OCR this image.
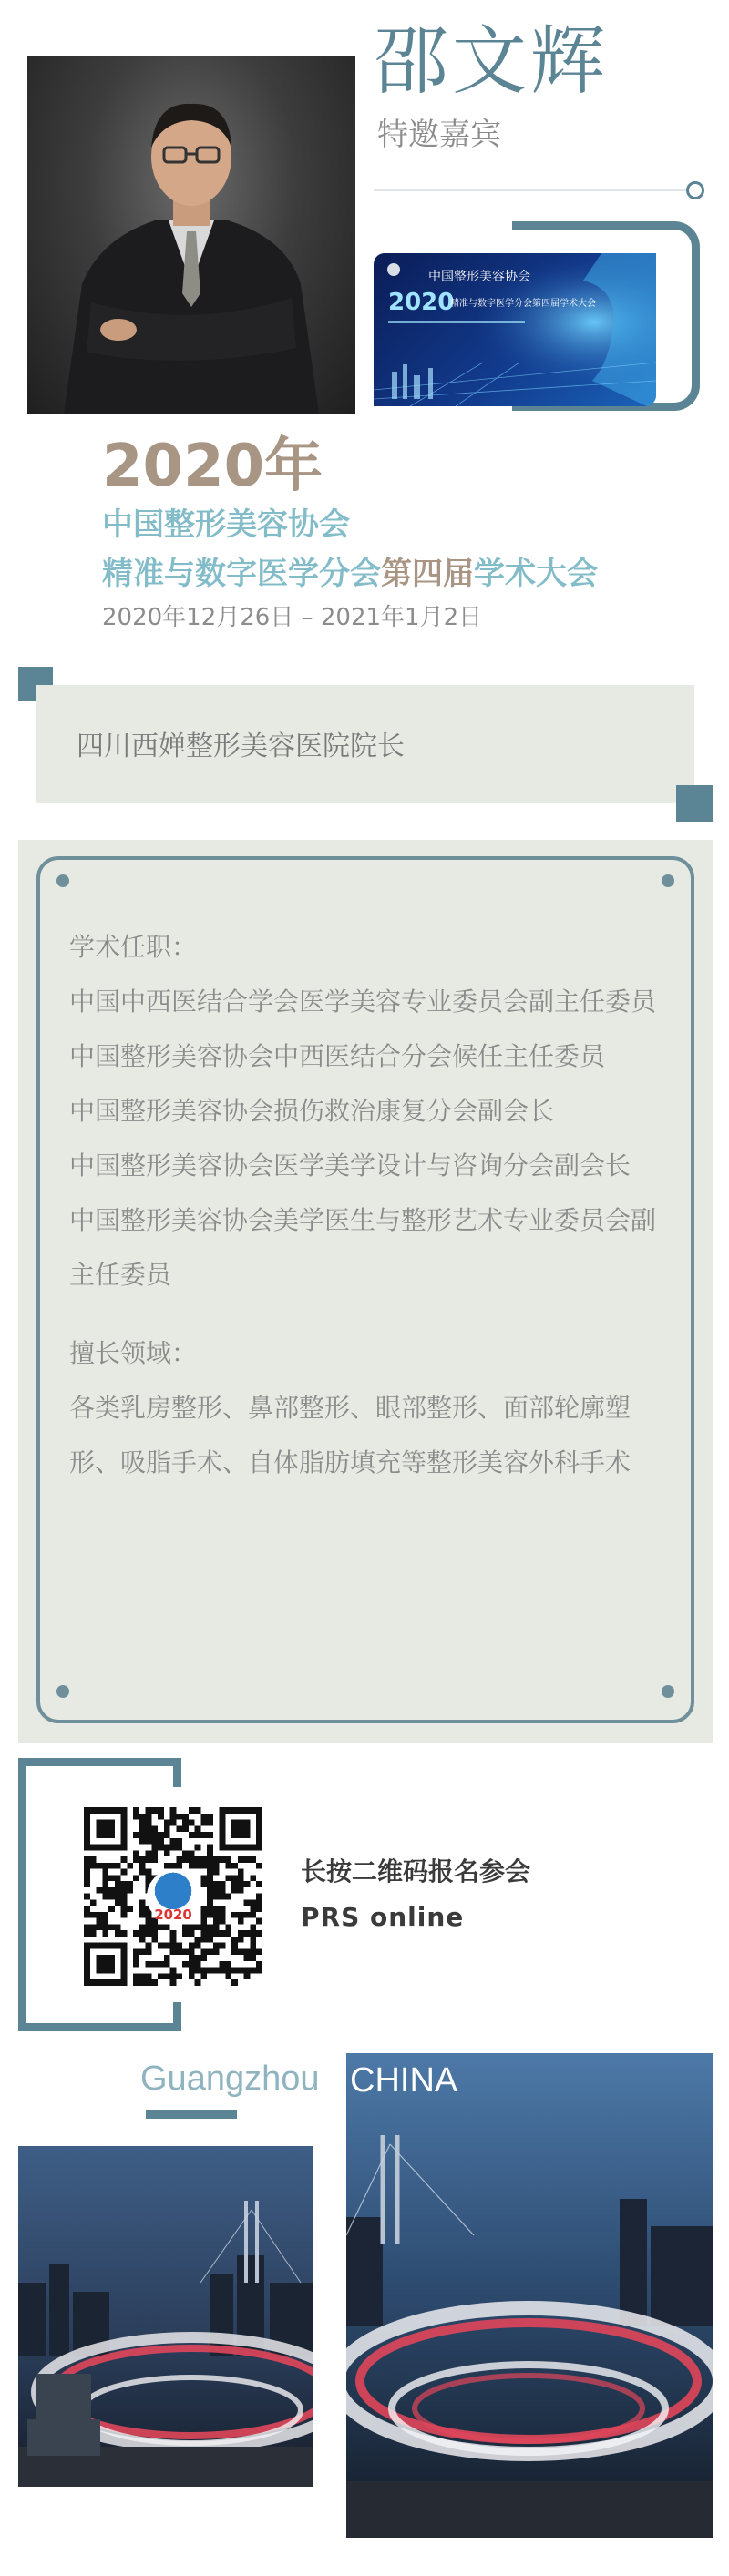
邵文辉
特邀嘉宾
中国整形美容协会
2020
精准与数字医学分会第四届学术大会
2020年
中国整形美容协会
精准与数字医学分会第四届学术大会
2020年12月26日 – 2021年1月2日
四川西婵整形美容医院院长

学术任职：

中国中西医结合学会医学美容专业委员会副主任委员

中国整形美容协会中西医结合分会候任主任委员

中国整形美容协会损伤救治康复分会副会长

中国整形美容协会医学美学设计与咨询分会副会长

中国整形美容协会美学医生与整形艺术专业委员会副主任委员

擅长领域：

各类乳房整形、鼻部整形、眼部整形、面部轮廓塑形、吸脂手术、自体脂肪填充等整形美容外科手术

2020
长按二维码报名参会
PRS online
Guangzhou CHINA
